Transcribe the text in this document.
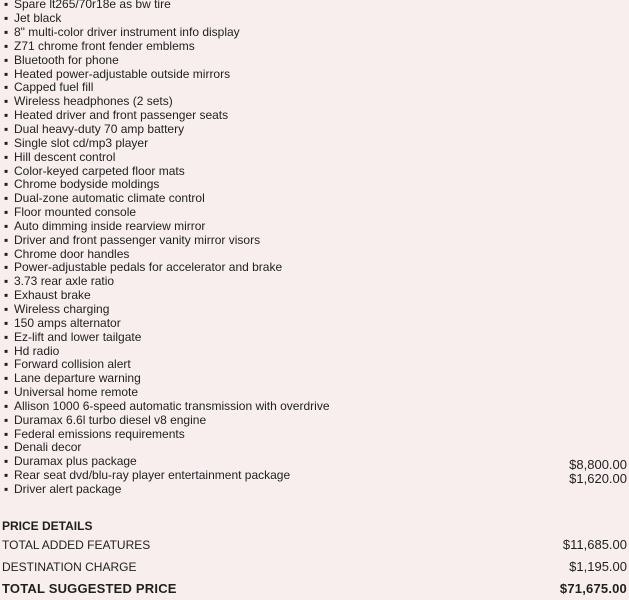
▪ Spare lt265/70r18e as bw tire
▪ Jet black
▪ 8" multi-color driver instrument info display
▪ Z71 chrome front fender emblems
▪ Bluetooth for phone
▪ Heated power-adjustable outside mirrors
▪ Capped fuel fill
▪ Wireless headphones (2 sets)
▪ Heated driver and front passenger seats
▪ Dual heavy-duty 70 amp battery
▪ Single slot cd/mp3 player
▪ Hill descent control
▪ Color-keyed carpeted floor mats
▪ Chrome bodyside moldings
▪ Dual-zone automatic climate control
▪ Floor mounted console
▪ Auto dimming inside rearview mirror
▪ Driver and front passenger vanity mirror visors
▪ Chrome door handles
▪ Power-adjustable pedals for accelerator and brake
▪ 3.73 rear axle ratio
▪ Exhaust brake
▪ Wireless charging
▪ 150 amps alternator
▪ Ez-lift and lower tailgate
▪ Hd radio
▪ Forward collision alert
▪ Lane departure warning
▪ Universal home remote
▪ Allison 1000 6-speed automatic transmission with overdrive
▪ Duramax 6.6l turbo diesel v8 engine
▪ Federal emissions requirements
▪ Denali decor
▪ Duramax plus package	$8,800.00
▪ Rear seat dvd/blu-ray player entertainment package	$1,620.00
▪ Driver alert package
PRICE DETAILS
TOTAL ADDED FEATURES	$11,685.00
DESTINATION CHARGE	$1,195.00
TOTAL SUGGESTED PRICE	$71,675.00
